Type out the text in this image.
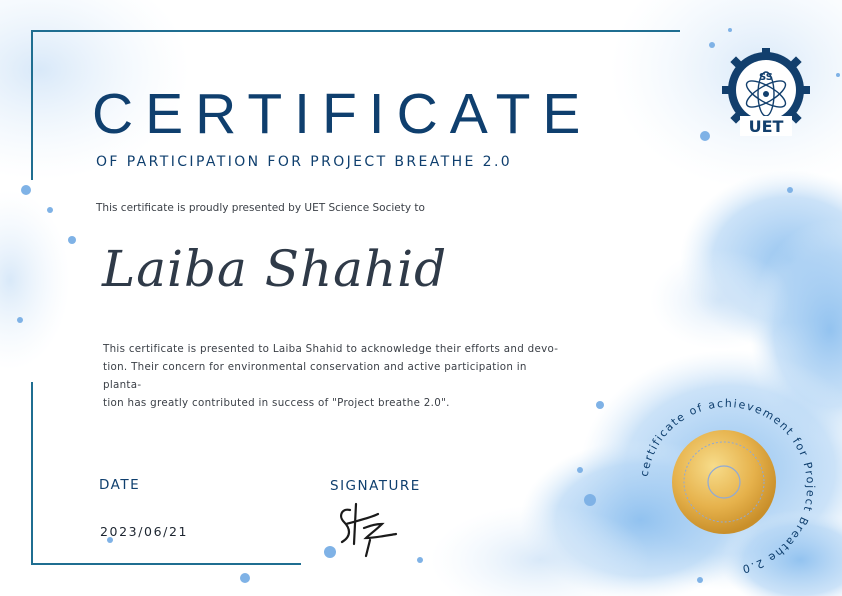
CERTIFICATE
OF PARTICIPATION FOR PROJECT BREATHE 2.0
This certificate is proudly presented by UET Science Society to
Laiba Shahid
This certificate is presented to Laiba Shahid to acknowledge their efforts and devo-
tion. Their concern for environmental conservation and active participation in planta-
tion has greatly contributed in success of "Project breathe 2.0".
DATE
2023/06/21
SIGNATURE
SS
UET
certificate of achievement for Project Breathe 2.0
